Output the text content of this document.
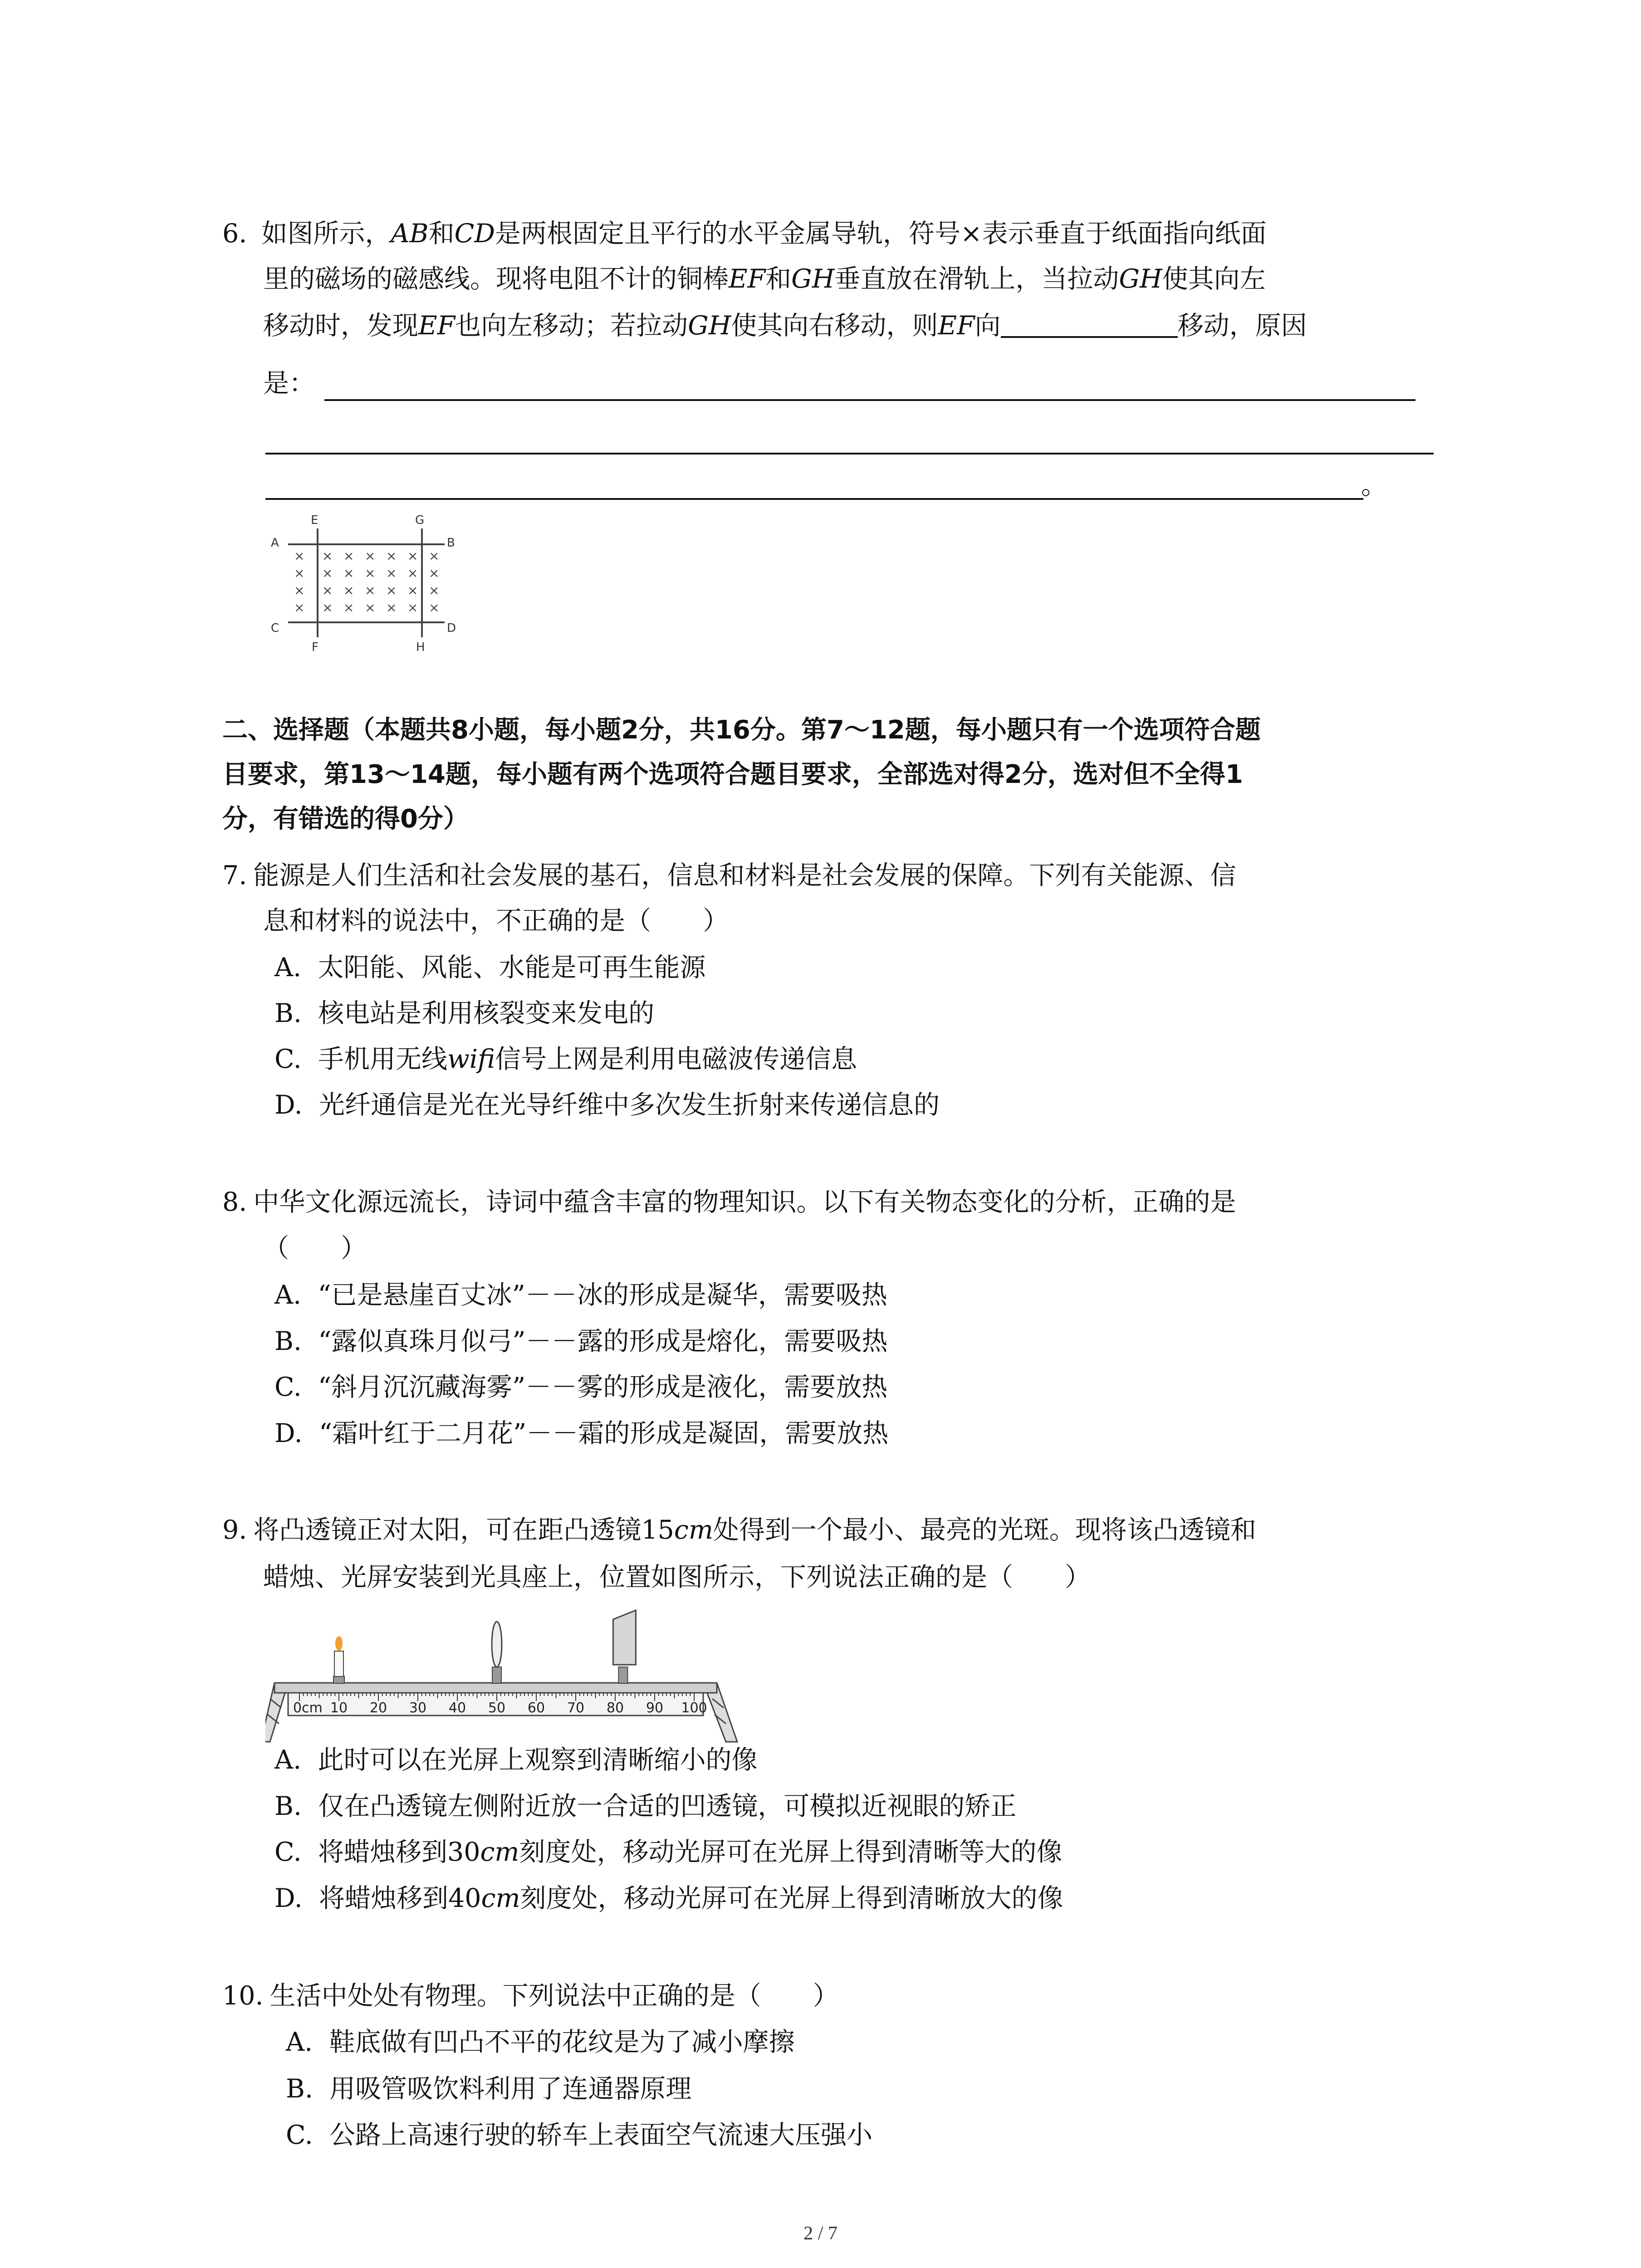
6. 如图所示，AB和CD是两根固定且平行的水平金属导轨，符号×表示垂直于纸面指向纸面

里的磁场的磁感线。现将电阻不计的铜棒EF和GH垂直放在滑轨上，当拉动GH使其向左

移动时，发现EF也向左移动；若拉动GH使其向右移动，则EF向	移动，原因

是：

。

A	B
C	D
E	G
F	H
× × × × × × ×
× × × × × × ×
× × × × × × ×
× × × × × × ×

二、选择题（本题共8小题，每小题2分，共16分。第7～12题，每小题只有一个选项符合题

目要求，第13～14题，每小题有两个选项符合题目要求，全部选对得2分，选对但不全得1

分，有错选的得0分）

7. 能源是人们生活和社会发展的基石，信息和材料是社会发展的保障。下列有关能源、信

息和材料的说法中，不正确的是（　　）

A. 太阳能、风能、水能是可再生能源

B. 核电站是利用核裂变来发电的

C. 手机用无线wifi信号上网是利用电磁波传递信息

D. 光纤通信是光在光导纤维中多次发生折射来传递信息的

8. 中华文化源远流长，诗词中蕴含丰富的物理知识。以下有关物态变化的分析，正确的是

（　　）

A. “已是悬崖百丈冰”－－冰的形成是凝华，需要吸热

B. “露似真珠月似弓”－－露的形成是熔化，需要吸热

C. “斜月沉沉藏海雾”－－雾的形成是液化，需要放热

D. “霜叶红于二月花”－－霜的形成是凝固，需要放热

9. 将凸透镜正对太阳，可在距凸透镜15cm处得到一个最小、最亮的光斑。现将该凸透镜和

蜡烛、光屏安装到光具座上，位置如图所示，下列说法正确的是（　　）

0cm 10 20 30 40 50 60 70 80 90 100

A. 此时可以在光屏上观察到清晰缩小的像

B. 仅在凸透镜左侧附近放一合适的凹透镜，可模拟近视眼的矫正

C. 将蜡烛移到30cm刻度处，移动光屏可在光屏上得到清晰等大的像

D. 将蜡烛移到40cm刻度处，移动光屏可在光屏上得到清晰放大的像

10. 生活中处处有物理。下列说法中正确的是（　　）

A. 鞋底做有凹凸不平的花纹是为了减小摩擦

B. 用吸管吸饮料利用了连通器原理

C. 公路上高速行驶的轿车上表面空气流速大压强小

2 / 7
